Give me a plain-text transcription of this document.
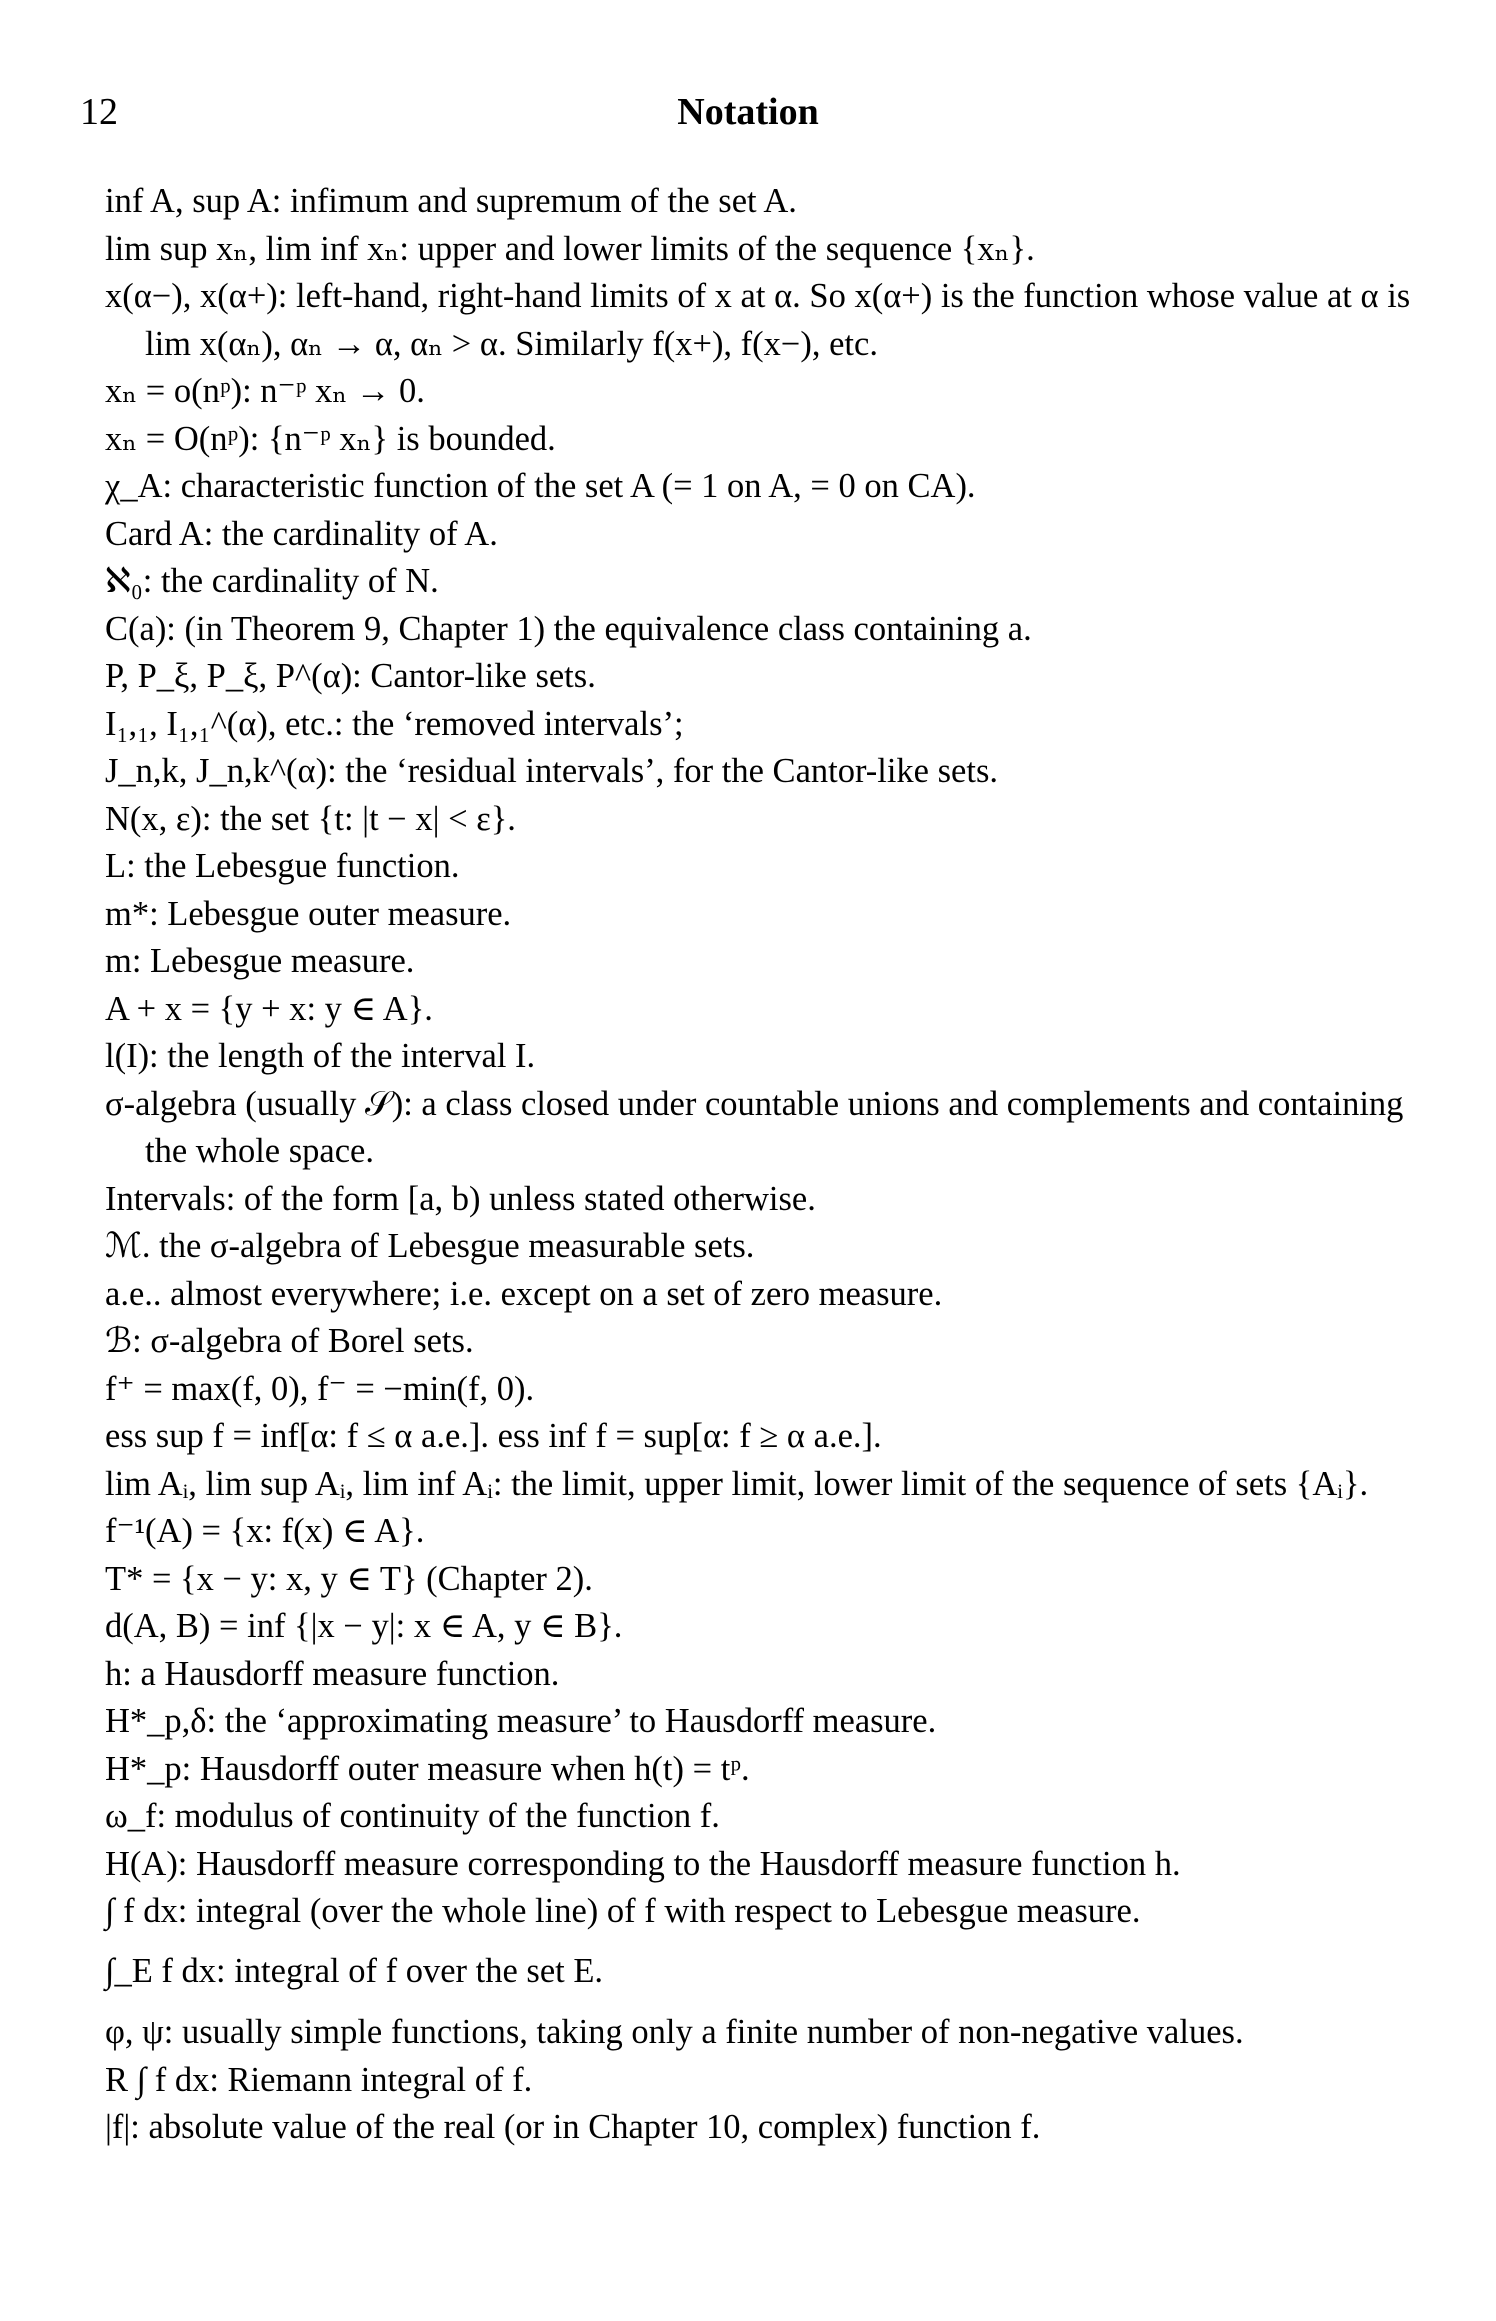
12	Notation
inf A, sup A: infimum and supremum of the set A.
lim sup xₙ, lim inf xₙ: upper and lower limits of the sequence {xₙ}.
x(α−), x(α+): left-hand, right-hand limits of x at α. So x(α+) is the function whose value at α is lim x(αₙ), αₙ → α, αₙ > α. Similarly f(x+), f(x−), etc.
xₙ = o(nᵖ): n⁻ᵖ xₙ → 0.
xₙ = O(nᵖ): {n⁻ᵖ xₙ} is bounded.
χ_A: characteristic function of the set A (= 1 on A, = 0 on CA).
Card A: the cardinality of A.
ℵ₀: the cardinality of N.
C(a): (in Theorem 9, Chapter 1) the equivalence class containing a.
P, P_ξ, P_ξ, P^(α): Cantor-like sets.
I₁,₁, I₁,₁^(α), etc.: the ‘removed intervals’;
J_n,k, J_n,k^(α): the ‘residual intervals’, for the Cantor-like sets.
N(x, ε): the set {t: |t − x| < ε}.
L: the Lebesgue function.
m*: Lebesgue outer measure.
m: Lebesgue measure.
A + x = {y + x: y ∈ A}.
l(I): the length of the interval I.
σ-algebra (usually 𝒮): a class closed under countable unions and complements and containing the whole space.
Intervals: of the form [a, b) unless stated otherwise.
ℳ. the σ-algebra of Lebesgue measurable sets.
a.e.. almost everywhere; i.e. except on a set of zero measure.
ℬ: σ-algebra of Borel sets.
f⁺ = max(f, 0), f⁻ = −min(f, 0).
ess sup f = inf[α: f ≤ α a.e.]. ess inf f = sup[α: f ≥ α a.e.].
lim Aᵢ, lim sup Aᵢ, lim inf Aᵢ: the limit, upper limit, lower limit of the sequence of sets {Aᵢ}.
f⁻¹(A) = {x: f(x) ∈ A}.
T* = {x − y: x, y ∈ T} (Chapter 2).
d(A, B) = inf {|x − y|: x ∈ A, y ∈ B}.
h: a Hausdorff measure function.
H*_p,δ: the ‘approximating measure’ to Hausdorff measure.
H*_p: Hausdorff outer measure when h(t) = tᵖ.
ω_f: modulus of continuity of the function f.
H(A): Hausdorff measure corresponding to the Hausdorff measure function h.
∫ f dx: integral (over the whole line) of f with respect to Lebesgue measure.
∫_E f dx: integral of f over the set E.
φ, ψ: usually simple functions, taking only a finite number of non-negative values.
R ∫ f dx: Riemann integral of f.
|f|: absolute value of the real (or in Chapter 10, complex) function f.
